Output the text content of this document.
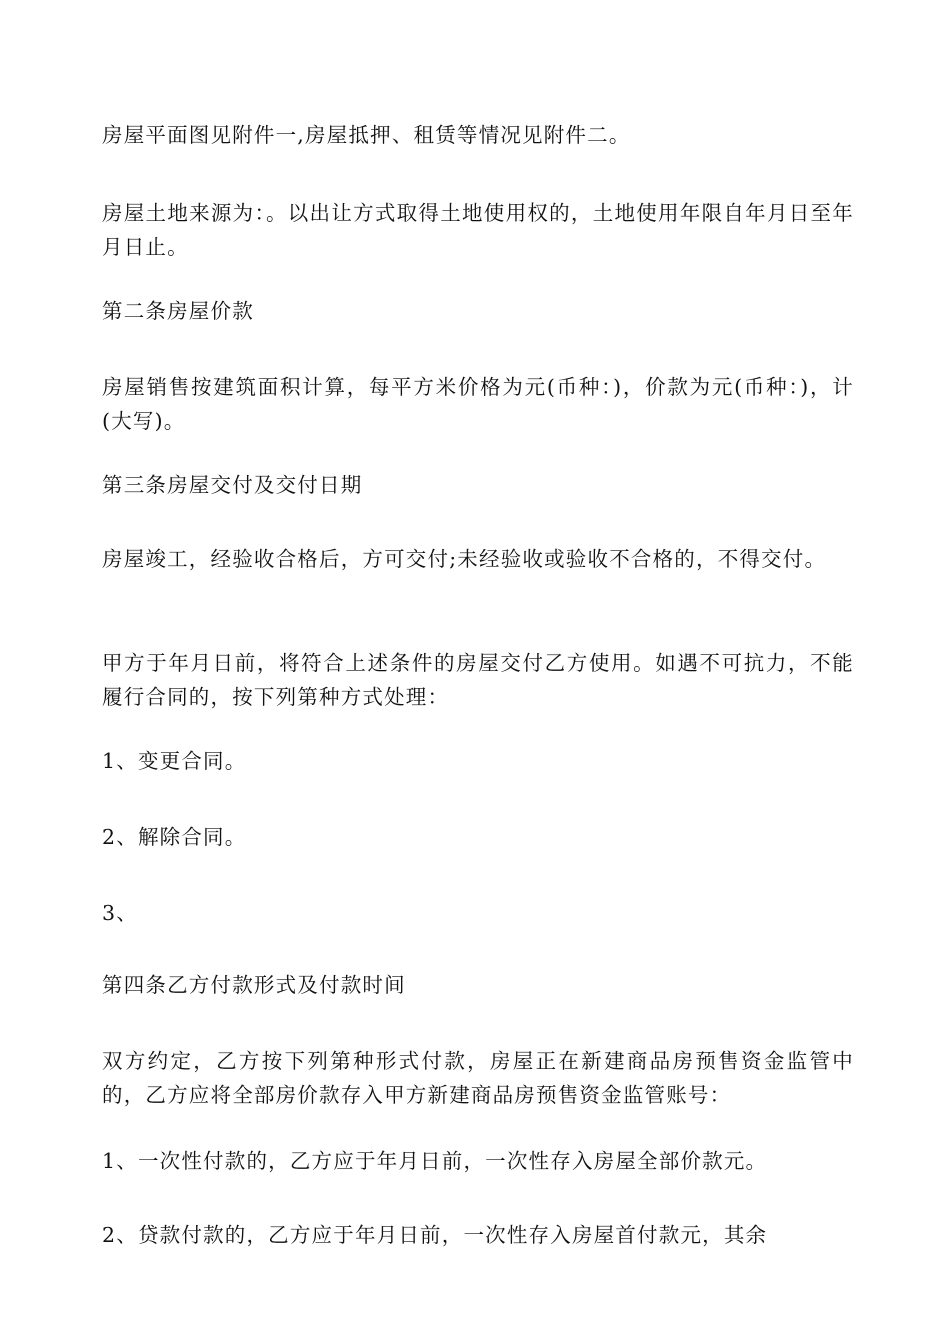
房屋平面图见附件一,房屋抵押、租赁等情况见附件二。

房屋土地来源为：。以出让方式取得土地使用权的，土地使用年限自年月日至年月日止。

第二条房屋价款

房屋销售按建筑面积计算，每平方米价格为元(币种：)，价款为元(币种：)，计(大写)。

第三条房屋交付及交付日期

房屋竣工，经验收合格后，方可交付;未经验收或验收不合格的，不得交付。

甲方于年月日前，将符合上述条件的房屋交付乙方使用。如遇不可抗力，不能履行合同的，按下列第种方式处理：

1、变更合同。

2、解除合同。

3、

第四条乙方付款形式及付款时间

双方约定，乙方按下列第种形式付款，房屋正在新建商品房预售资金监管中的，乙方应将全部房价款存入甲方新建商品房预售资金监管账号：

1、一次性付款的，乙方应于年月日前，一次性存入房屋全部价款元。

2、贷款付款的，乙方应于年月日前，一次性存入房屋首付款元，其余
